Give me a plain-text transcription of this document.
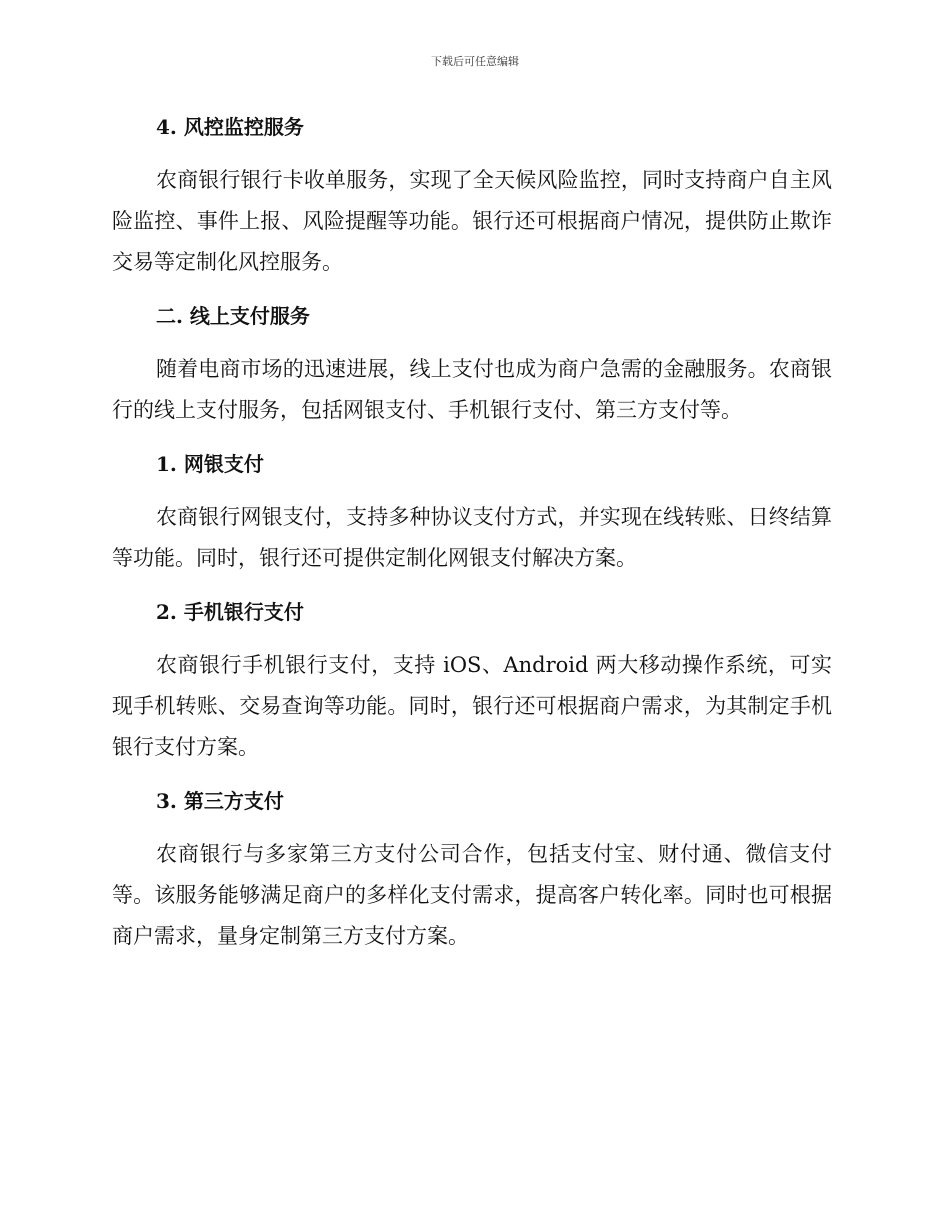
下载后可任意编辑
4. 风控监控服务

农商银行银行卡收单服务，实现了全天候风险监控，同时支持商户自主风险监控、事件上报、风险提醒等功能。银行还可根据商户情况，提供防止欺诈交易等定制化风控服务。

二. 线上支付服务

随着电商市场的迅速进展，线上支付也成为商户急需的金融服务。农商银行的线上支付服务，包括网银支付、手机银行支付、第三方支付等。

1. 网银支付

农商银行网银支付，支持多种协议支付方式，并实现在线转账、日终结算等功能。同时，银行还可提供定制化网银支付解决方案。

2. 手机银行支付

农商银行手机银行支付，支持 iOS、Android 两大移动操作系统，可实现手机转账、交易查询等功能。同时，银行还可根据商户需求，为其制定手机银行支付方案。

3. 第三方支付

农商银行与多家第三方支付公司合作，包括支付宝、财付通、微信支付等。该服务能够满足商户的多样化支付需求，提高客户转化率。同时也可根据商户需求，量身定制第三方支付方案。
